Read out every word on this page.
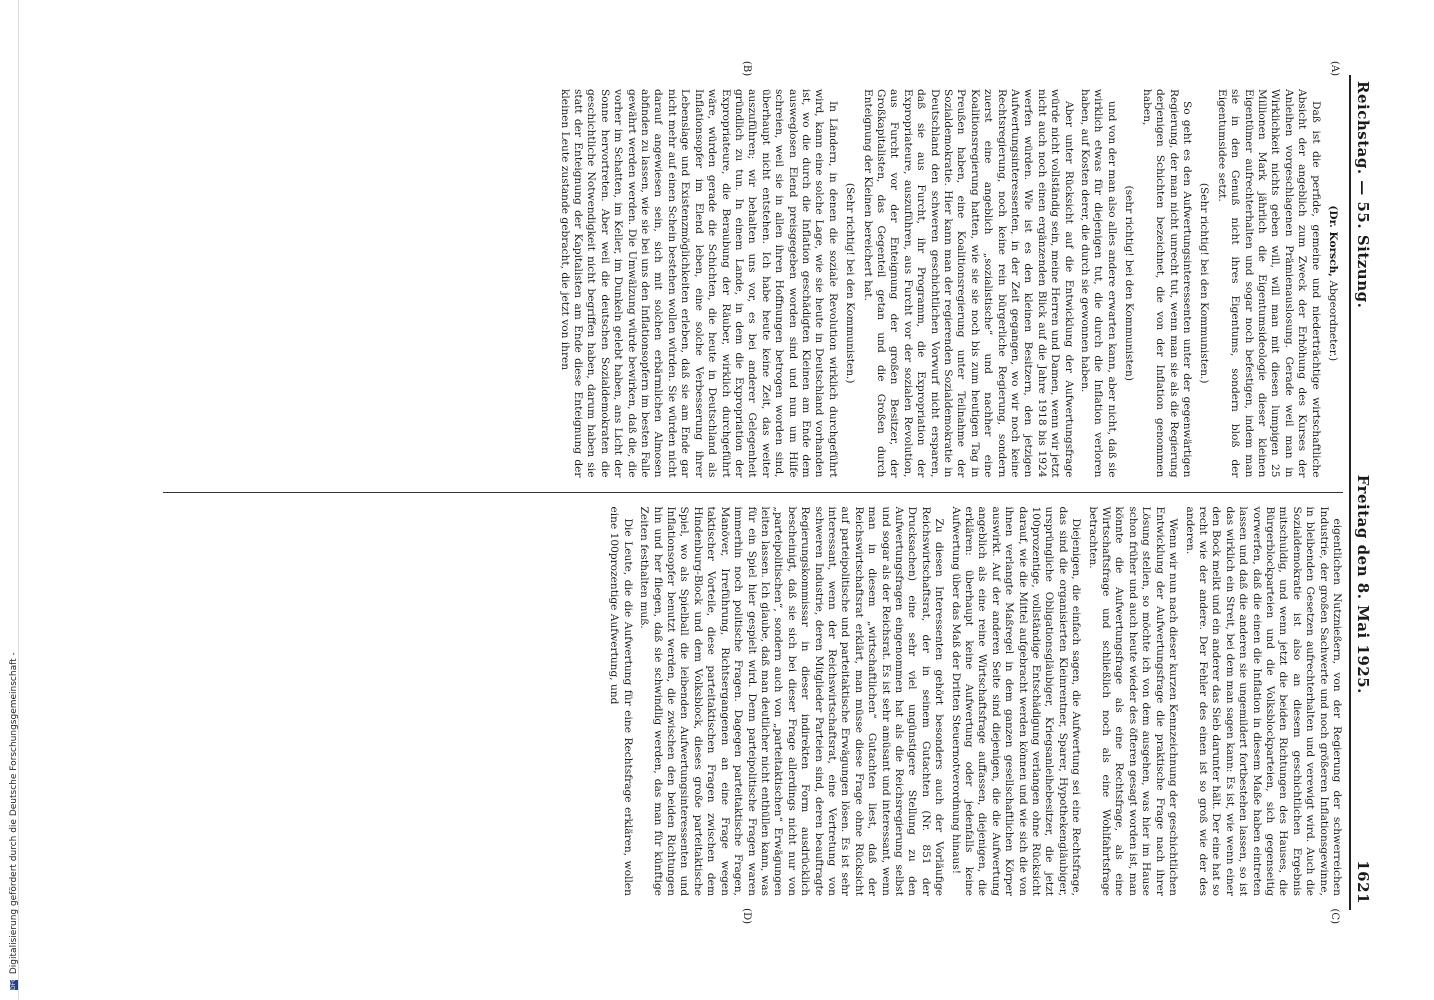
DFG Digitalisierung gefördert durch die Deutsche Forschungsgemeinschaft -
Reichstag. — 55. Sitzung.
Freitag den 8. Mai 1925.
1621
(A)
(B)

(Dr. Korsch, Abgeordneter.)

Daß ist die perfide, gemeine und niederträchtige wirtschaftliche Absicht der angeblich zum Zweck der Erhöhung des Kurses der Anleihen vorgeschlagenen Prämienauslosung. Gerade weil man in Wirklichkeit nichts geben will, will man mit diesen lumpigen 25 Millionen Mark jährlich die Eigentumsideologie dieser kleinen Eigentümer aufrechterhalten und sogar noch befestigen, indem man sie in den Genuß nicht ihres Eigentums, sondern bloß der Eigentumsidee setzt.

(Sehr richtig! bei den Kommunisten.)

So geht es den Aufwertungsinteressenten unter der gegenwärtigen Regierung, der man nicht unrecht tut, wenn man sie als die Regierung derjenigen Schichten bezeichnet, die von der Inflation genommen haben,

(sehr richtig! bei den Kommunisten)

und von der man also alles andere erwarten kann, aber nicht, daß sie wirklich etwas für diejenigen tut, die durch die Inflation verloren haben, auf Kosten derer, die durch sie gewonnen haben.

Aber unter Rücksicht auf die Entwicklung der Aufwertungsfrage würde nicht vollständig sein, meine Herren und Damen, wenn wir jetzt nicht auch noch einen ergänzenden Blick auf die Jahre 1918 bis 1924 werfen würden. Wie ist es den kleinen Besitzern, den jetzigen Aufwertungsinteressenten, in der Zeit gegangen, wo wir noch keine Rechtsregierung, noch keine rein bürgerliche Regierung, sondern zuerst eine angeblich „sozialistische“ und nachher eine Koalitionsregierung hatten, wie sie sie noch bis zum heutigen Tag in Preußen haben, eine Koalitionsregierung unter Teilnahme der Sozialdemokratie. Hier kann man der regierenden Sozialdemokratie in Deutschland den schweren geschichtlichen Vorwurf nicht ersparen, daß sie aus Furcht, ihr Programm, die Expropriation der Expropriateure, auszuführen, aus Furcht vor der sozialen Revolution, aus Furcht vor der Enteignung der großen Besitzer, der Großkapitalisten, das Gegenteil getan und die Großen durch Enteignung der Kleinen bereichert hat.

(Sehr richtig! bei den Kommunisten.)

In Ländern, in denen die soziale Revolution wirklich durchgeführt wird, kann eine solche Lage, wie sie heute in Deutschland vorhanden ist, wo die durch die Inflation geschädigten Kleinen am Ende dem ausweglosen Elend preisgegeben worden sind und nun um Hilfe schreien, weil sie in allen ihren Hoffnungen betrogen worden sind, überhaupt nicht entstehen. Ich habe heute keine Zeit, das weiter auszuführen; wir behalten uns vor, es bei anderer Gelegenheit gründlich zu tun. In einem Lande, in dem die Expropriation der Expropriateure, die Beraubung der Räuber, wirklich durchgeführt wäre, würden gerade die Schichten, die heute in Deutschland als Inflationsopfer im Elend leben, eine solche Verbesserung ihrer Lebenslage und Existenzmöglichkeiten erleben, daß sie am Ende gar nicht mehr auf einen Schein bestehen wollen würden. Sie würden nicht darauf angewiesen sein, sich mit solchen erbärmlichen Almosen abfinden zu lassen, wie sie bei uns den Inflationsopfern im besten Falle gewährt werden werden. Die Umwälzung würde bewirken, daß die, die vorher im Schatten, im Keller, im Dunkeln gelebt haben, ans Licht der Sonne hervortreten. Aber weil die deutschen Sozialdemokraten die geschichtliche Notwendigkeit nicht begriffen haben, darum haben sie statt der Enteignung der Kapitalisten am Ende diese Enteignung der kleinen Leute zustande gebracht, die jetzt von ihren

(C)
(D)

eigentlichen Nutznießern, von der Regierung der schwerreichen Industrie, der großen Sachwerte und noch größeren Inflationsgewinne, in bleibenden Gesetzen aufrechterhalten und verewigt wird. Auch die Sozialdemokratie ist also an diesem geschichtlichen Ergebnis mitschuldig, und wenn jetzt die beiden Richtungen des Hauses, die Bürgerblockparteien und die Volksblockparteien, sich gegenseitig vorwerfen, daß die einen die Inflation in diesem Maße haben eintreten lassen und daß die anderen sie ungemildert fortbestehen lassen, so ist das wirklich ein Streit, bei dem man sagen kann: Es ist, wie wenn einer den Bock melkt und ein anderer das Sieb darunter hält. Der eine hat so recht wie der andere. Der Fehler des einen ist so groß wie der des anderen.

Wenn wir nun nach dieser kurzen Kennzeichnung der geschichtlichen Entwicklung der Aufwertungsfrage die praktische Frage nach ihrer Lösung stellen, so möchte ich von dem ausgehen, was hier im Hause schon früher und auch heute wieder des öfteren gesagt worden ist, man könnte die Aufwertungsfrage als eine Rechtsfrage, als eine Wirtschaftsfrage und schließlich noch als eine Wohlfahrtsfrage betrachten.

Diejenigen, die einfach sagen, die Aufwertung sei eine Rechtsfrage, das sind die organisierten Kleinrentner, Sparer, Hypothekengläubiger, ursprüngliche Obligationsgläubiger, Kriegsanleihebesitzer, die jetzt 100prozentige, vollständige Entschädigung verlangen ohne Rücksicht darauf, wie die Mittel aufgebracht werden können und wie sich die von ihnen verlangte Maßregel in dem ganzen gesellschaftlichen Körper auswirkt. Auf der anderen Seite sind diejenigen, die die Aufwertung angeblich als eine reine Wirtschaftsfrage auffassen, diejenigen, die erklären: überhaupt keine Aufwertung oder jedenfalls keine Aufwertung über das Maß der Dritten Steuernotverordnung hinaus!

Zu diesen Interessenten gehört besonders auch der Vorläufige Reichswirtschaftsrat, der in seinem Gutachten (Nr. 851 der Drucksachen) eine sehr viel ungünstigere Stellung zu den Aufwertungsfragen eingenommen hat als die Reichsregierung selbst und sogar als der Reichsrat. Es ist sehr amüsant und interessant, wenn man in diesem „wirtschaftlichen“ Gutachten liest, daß der Reichswirtschaftsrat erklärt, man müsse diese Frage ohne Rücksicht auf parteipolitische und parteitaktische Erwägungen lösen. Es ist sehr interessant, wenn der Reichswirtschaftsrat, eine Vertretung von schweren Industrie, deren Mitglieder Parteien sind, deren beauftragte Regierungskommissar in dieser indirekten Form ausdrücklich bescheinigt, daß sie sich bei dieser Frage allerdings nicht nur von „parteipolitischen“, sondern auch von „parteitaktischen“ Erwägungen leiten lassen. Ich glaube, daß man deutlicher nicht enthüllen kann, was für ein Spiel hier gespielt wird. Denn parteipolitische Fragen waren immerhin noch politische Fragen. Dagegen parteitaktische Fragen, Manöver, Irreführung, Richtsergangenen an eine Frage wegen taktischer Vorteile, diese parteitaktischen Fragen zwischen dem Hindenburg-Block und dem Volksblock, dieses große parteitaktische Spiel, wo als Spielball die leibenden Aufwertungsinteressenten und Inflationsopfer benutzt werden, die zwischen den beiden Richtungen hin und her fliegen, daß sie schwindlig werden, das man für künftige Zeiten festhalten muß.

Die Leute, die die Aufwertung für eine Rechtsfrage erklären, wollen eine 100prozentige Aufwertung, und
